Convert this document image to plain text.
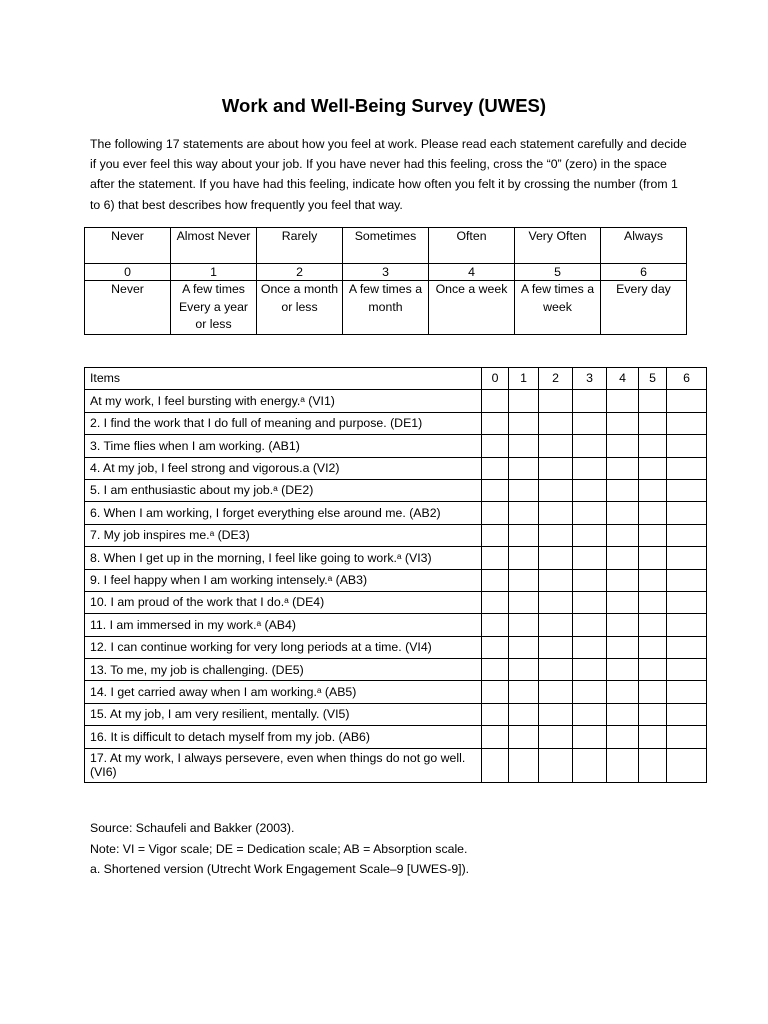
Work and Well-Being Survey (UWES)

The following 17 statements are about how you feel at work. Please read each statement carefully and decide if you ever feel this way about your job. If you have never had this feeling, cross the “0” (zero) in the space after the statement. If you have had this feeling, indicate how often you felt it by crossing the number (from 1 to 6) that best describes how frequently you feel that way.

Never	Almost Never	Rarely	Sometimes	Often	Very Often	Always
0	1	2	3	4	5	6
Never	A few times Every a year or less	Once a month or less	A few times a month	Once a week	A few times a week	Every day
Items	0	1	2	3	4	5	6
At my work, I feel bursting with energy.ᵃ (VI1)							
2. I find the work that I do full of meaning and purpose. (DE1)							
3. Time flies when I am working. (AB1)							
4. At my job, I feel strong and vigorous.a (VI2)							
5. I am enthusiastic about my job.ᵃ (DE2)							
6. When I am working, I forget everything else around me. (AB2)							
7. My job inspires me.ᵃ (DE3)							
8. When I get up in the morning, I feel like going to work.ᵃ (VI3)							
9. I feel happy when I am working intensely.ᵃ (AB3)							
10. I am proud of the work that I do.ᵃ (DE4)							
11. I am immersed in my work.ᵃ (AB4)							
12. I can continue working for very long periods at a time. (VI4)							
13. To me, my job is challenging. (DE5)							
14. I get carried away when I am working.ᵃ (AB5)							
15. At my job, I am very resilient, mentally. (VI5)							
16. It is difficult to detach myself from my job. (AB6)							
17. At my work, I always persevere, even when things do not go well. (VI6)							
Source: Schaufeli and Bakker (2003).
Note: VI = Vigor scale; DE = Dedication scale; AB = Absorption scale.
a. Shortened version (Utrecht Work Engagement Scale–9 [UWES-9]).
